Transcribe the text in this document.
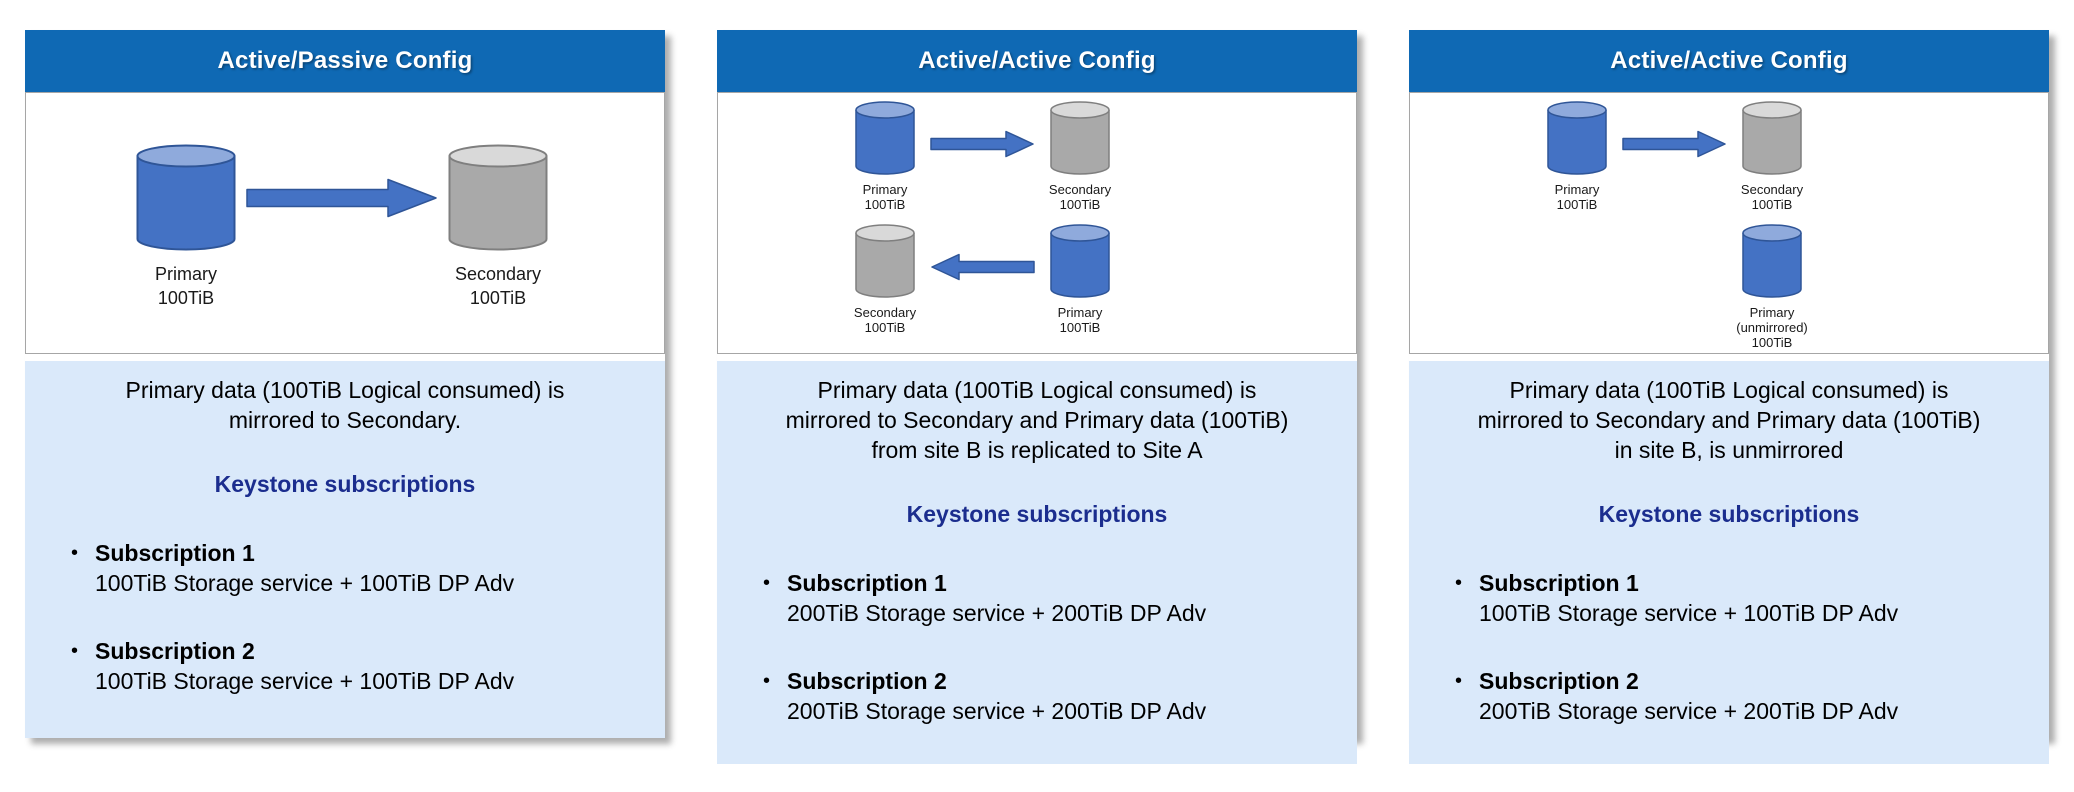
Active/Passive Config
Primary
100TiB
Secondary
100TiB
Primary data (100TiB Logical consumed) is
mirrored to Secondary.
Keystone subscriptions
• Subscription 1
100TiB Storage service + 100TiB DP Adv
• Subscription 2
100TiB Storage service + 100TiB DP Adv
Active/Active Config
Primary
100TiB
Secondary
100TiB
Secondary
100TiB
Primary
100TiB
Primary data (100TiB Logical consumed) is
mirrored to Secondary and Primary data (100TiB)
from site B is replicated to Site A
Keystone subscriptions
• Subscription 1
200TiB Storage service + 200TiB DP Adv
• Subscription 2
200TiB Storage service + 200TiB DP Adv
Active/Active Config
Primary
100TiB
Secondary
100TiB
Primary
(unmirrored)
100TiB
Primary data (100TiB Logical consumed) is
mirrored to Secondary and Primary data (100TiB)
in site B, is unmirrored
Keystone subscriptions
• Subscription 1
100TiB Storage service + 100TiB DP Adv
• Subscription 2
200TiB Storage service + 200TiB DP Adv
